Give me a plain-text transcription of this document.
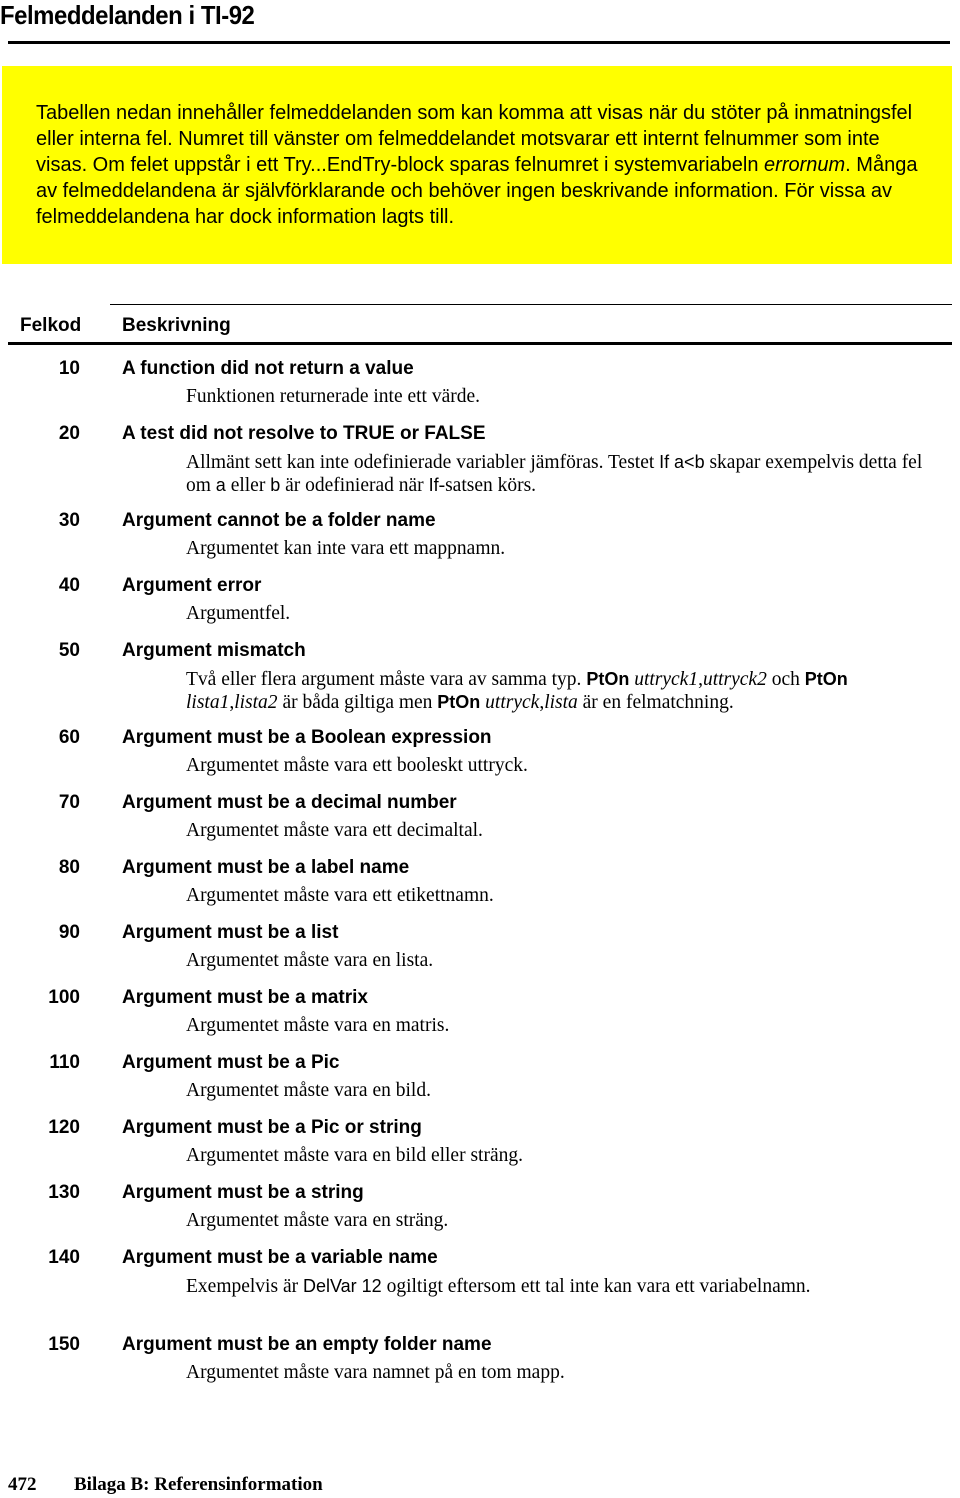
Felmeddelanden i TI-92
Tabellen nedan innehåller felmeddelanden som kan komma att visas när du stöter på inmatningsfel eller interna fel. Numret till vänster om felmeddelandet motsvarar ett internt felnummer som inte visas. Om felet uppstår i ett Try...EndTry-block sparas felnumret i systemvariabeln errornum. Många av felmeddelandena är självförklarande och behöver ingen beskrivande information. För vissa av felmeddelandena har dock information lagts till.
Felkod Beskrivning
10 A function did not return a value
Funktionen returnerade inte ett värde.
20 A test did not resolve to TRUE or FALSE
Allmänt sett kan inte odefinierade variabler jämföras. Testet If a<b skapar exempelvis detta fel om a eller b är odefinierad när If-satsen körs.
30 Argument cannot be a folder name
Argumentet kan inte vara ett mappnamn.
40 Argument error
Argumentfel.
50 Argument mismatch
Två eller flera argument måste vara av samma typ. PtOn uttryck1,uttryck2 och PtOn lista1,lista2 är båda giltiga men PtOn uttryck,lista är en felmatchning.
60 Argument must be a Boolean expression
Argumentet måste vara ett booleskt uttryck.
70 Argument must be a decimal number
Argumentet måste vara ett decimaltal.
80 Argument must be a label name
Argumentet måste vara ett etikettnamn.
90 Argument must be a list
Argumentet måste vara en lista.
100 Argument must be a matrix
Argumentet måste vara en matris.
110 Argument must be a Pic
Argumentet måste vara en bild.
120 Argument must be a Pic or string
Argumentet måste vara en bild eller sträng.
130 Argument must be a string
Argumentet måste vara en sträng.
140 Argument must be a variable name
Exempelvis är DelVar 12 ogiltigt eftersom ett tal inte kan vara ett variabelnamn.
150 Argument must be an empty folder name
Argumentet måste vara namnet på en tom mapp.
472 Bilaga B: Referensinformation
